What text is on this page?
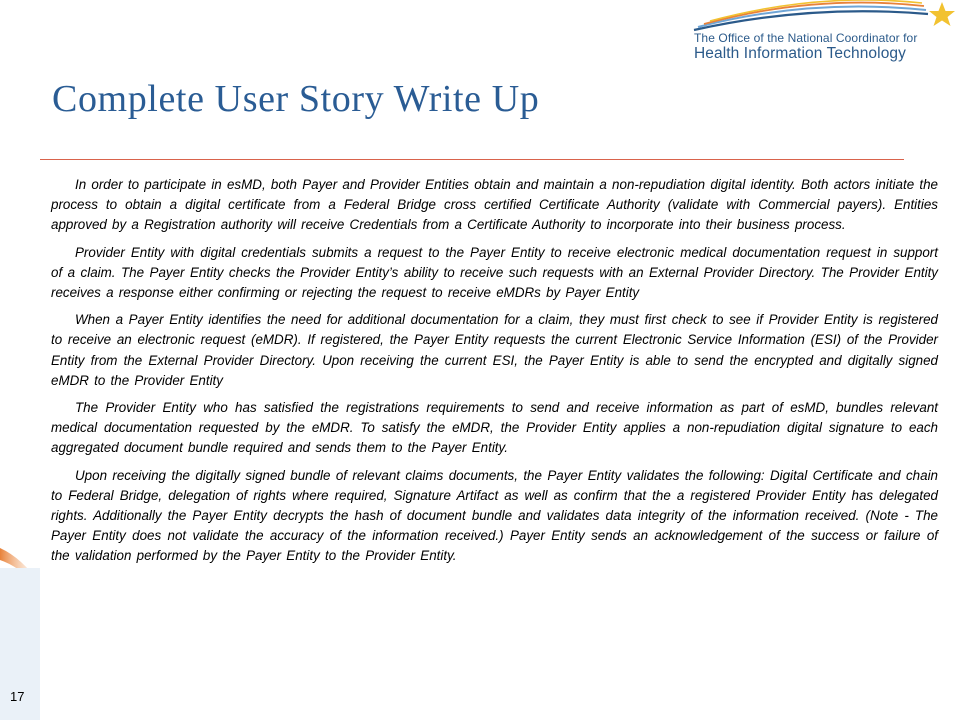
The Office of the National Coordinator for
Health Information Technology
Complete User Story Write Up

In order to participate in esMD, both Payer and Provider Entities obtain and maintain a non-repudiation digital identity. Both actors initiate the process to obtain a digital certificate from a Federal Bridge cross certified Certificate Authority (validate with Commercial payers). Entities approved by a Registration authority will receive Credentials from a Certificate Authority to incorporate into their business process.

Provider Entity with digital credentials submits a request to the Payer Entity to receive electronic medical documentation request in support of a claim. The Payer Entity checks the Provider Entity’s ability to receive such requests with an External Provider Directory. The Provider Entity receives a response either confirming or rejecting the request to receive eMDRs by Payer Entity

When a Payer Entity identifies the need for additional documentation for a claim, they must first check to see if Provider Entity is registered to receive an electronic request (eMDR). If registered, the Payer Entity requests the current Electronic Service Information (ESI) of the Provider Entity from the External Provider Directory. Upon receiving the current ESI, the Payer Entity is able to send the encrypted and digitally signed eMDR to the Provider Entity

The Provider Entity who has satisfied the registrations requirements to send and receive information as part of esMD, bundles relevant medical documentation requested by the eMDR. To satisfy the eMDR, the Provider Entity applies a non-repudiation digital signature to each aggregated document bundle required and sends them to the Payer Entity.

Upon receiving the digitally signed bundle of relevant claims documents, the Payer Entity validates the following: Digital Certificate and chain to Federal Bridge, delegation of rights where required, Signature Artifact as well as confirm that the a registered Provider Entity has delegated rights. Additionally the Payer Entity decrypts the hash of document bundle and validates data integrity of the information received. (Note - The Payer Entity does not validate the accuracy of the information received.) Payer Entity sends an acknowledgement of the success or failure of the validation performed by the Payer Entity to the Provider Entity.

17
